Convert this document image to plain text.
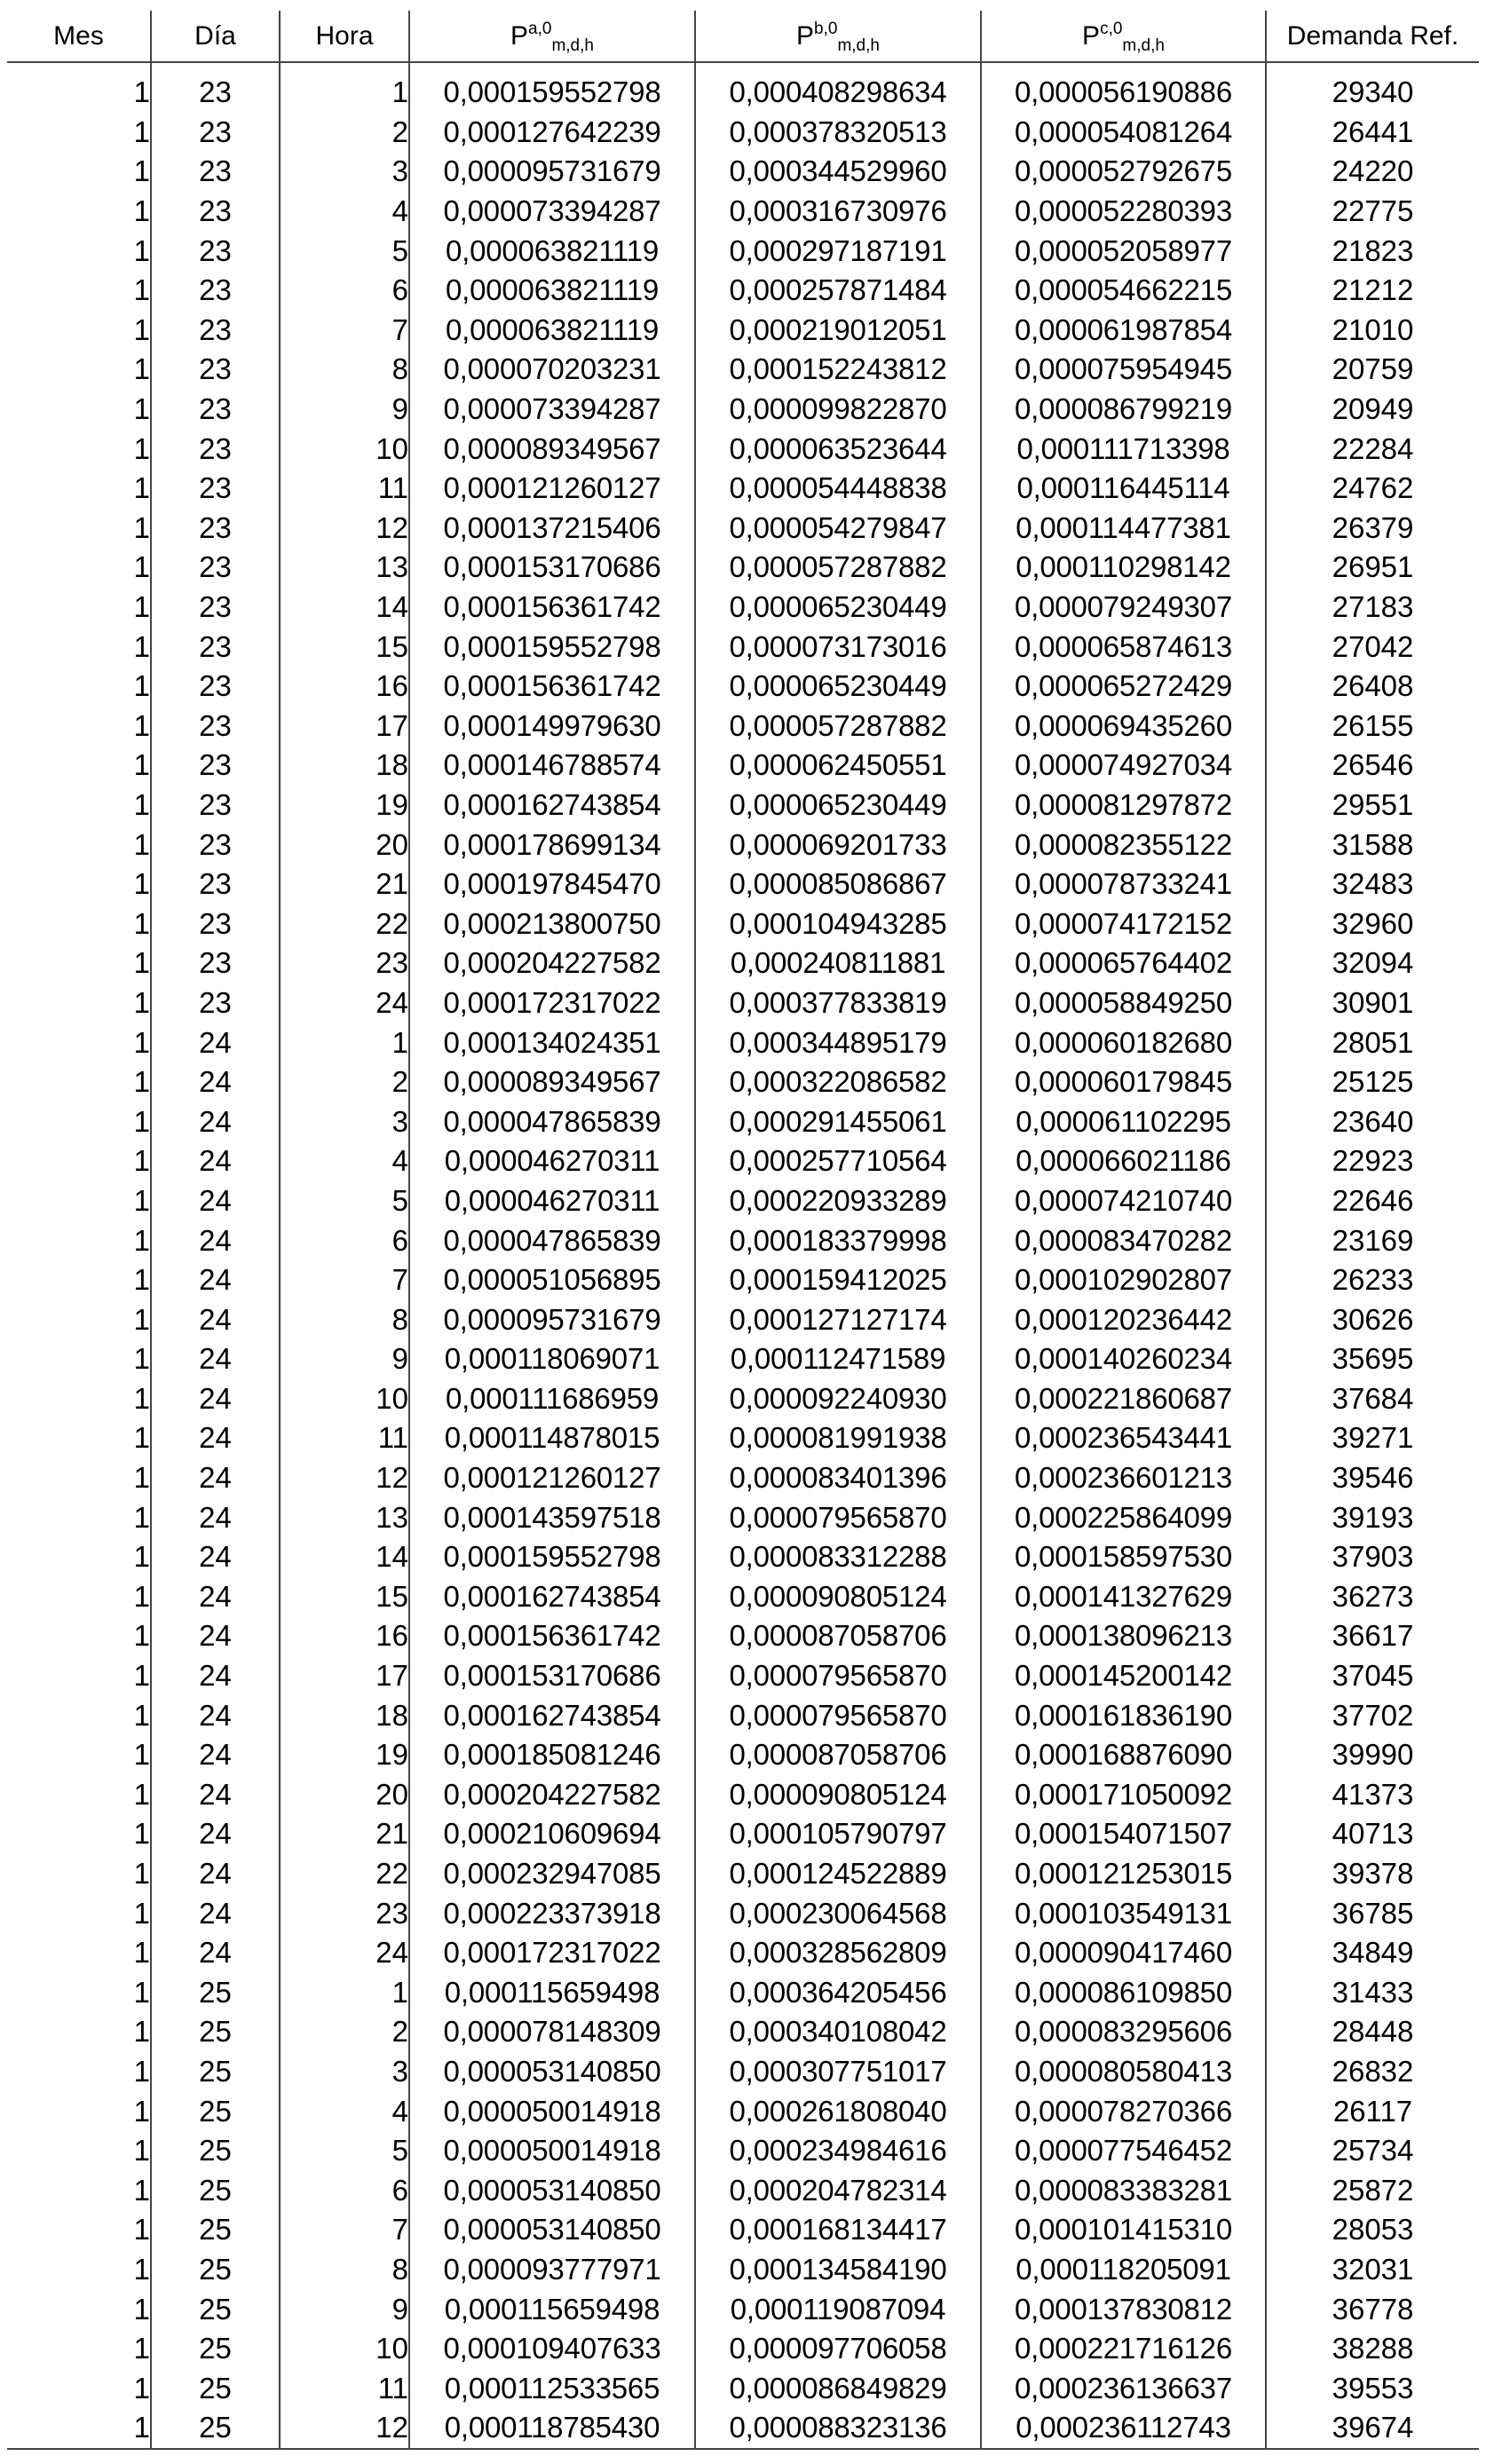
Mes	Día	Hora	P$^{a,0}_{m,d,h}$	P$^{b,0}_{m,d,h}$	P$^{c,0}_{m,d,h}$	Demanda Ref.

1	23	1	0,000159552798	0,000408298634	0,000056190886	29340
1	23	2	0,000127642239	0,000378320513	0,000054081264	26441
1	23	3	0,000095731679	0,000344529960	0,000052792675	24220
1	23	4	0,000073394287	0,000316730976	0,000052280393	22775
1	23	5	0,000063821119	0,000297187191	0,000052058977	21823
1	23	6	0,000063821119	0,000257871484	0,000054662215	21212
1	23	7	0,000063821119	0,000219012051	0,000061987854	21010
1	23	8	0,000070203231	0,000152243812	0,000075954945	20759
1	23	9	0,000073394287	0,000099822870	0,000086799219	20949
1	23	10	0,000089349567	0,000063523644	0,000111713398	22284
1	23	11	0,000121260127	0,000054448838	0,000116445114	24762
1	23	12	0,000137215406	0,000054279847	0,000114477381	26379
1	23	13	0,000153170686	0,000057287882	0,000110298142	26951
1	23	14	0,000156361742	0,000065230449	0,000079249307	27183
1	23	15	0,000159552798	0,000073173016	0,000065874613	27042
1	23	16	0,000156361742	0,000065230449	0,000065272429	26408
1	23	17	0,000149979630	0,000057287882	0,000069435260	26155
1	23	18	0,000146788574	0,000062450551	0,000074927034	26546
1	23	19	0,000162743854	0,000065230449	0,000081297872	29551
1	23	20	0,000178699134	0,000069201733	0,000082355122	31588
1	23	21	0,000197845470	0,000085086867	0,000078733241	32483
1	23	22	0,000213800750	0,000104943285	0,000074172152	32960
1	23	23	0,000204227582	0,000240811881	0,000065764402	32094
1	23	24	0,000172317022	0,000377833819	0,000058849250	30901
1	24	1	0,000134024351	0,000344895179	0,000060182680	28051
1	24	2	0,000089349567	0,000322086582	0,000060179845	25125
1	24	3	0,000047865839	0,000291455061	0,000061102295	23640
1	24	4	0,000046270311	0,000257710564	0,000066021186	22923
1	24	5	0,000046270311	0,000220933289	0,000074210740	22646
1	24	6	0,000047865839	0,000183379998	0,000083470282	23169
1	24	7	0,000051056895	0,000159412025	0,000102902807	26233
1	24	8	0,000095731679	0,000127127174	0,000120236442	30626
1	24	9	0,000118069071	0,000112471589	0,000140260234	35695
1	24	10	0,000111686959	0,000092240930	0,000221860687	37684
1	24	11	0,000114878015	0,000081991938	0,000236543441	39271
1	24	12	0,000121260127	0,000083401396	0,000236601213	39546
1	24	13	0,000143597518	0,000079565870	0,000225864099	39193
1	24	14	0,000159552798	0,000083312288	0,000158597530	37903
1	24	15	0,000162743854	0,000090805124	0,000141327629	36273
1	24	16	0,000156361742	0,000087058706	0,000138096213	36617
1	24	17	0,000153170686	0,000079565870	0,000145200142	37045
1	24	18	0,000162743854	0,000079565870	0,000161836190	37702
1	24	19	0,000185081246	0,000087058706	0,000168876090	39990
1	24	20	0,000204227582	0,000090805124	0,000171050092	41373
1	24	21	0,000210609694	0,000105790797	0,000154071507	40713
1	24	22	0,000232947085	0,000124522889	0,000121253015	39378
1	24	23	0,000223373918	0,000230064568	0,000103549131	36785
1	24	24	0,000172317022	0,000328562809	0,000090417460	34849
1	25	1	0,000115659498	0,000364205456	0,000086109850	31433
1	25	2	0,000078148309	0,000340108042	0,000083295606	28448
1	25	3	0,000053140850	0,000307751017	0,000080580413	26832
1	25	4	0,000050014918	0,000261808040	0,000078270366	26117
1	25	5	0,000050014918	0,000234984616	0,000077546452	25734
1	25	6	0,000053140850	0,000204782314	0,000083383281	25872
1	25	7	0,000053140850	0,000168134417	0,000101415310	28053
1	25	8	0,000093777971	0,000134584190	0,000118205091	32031
1	25	9	0,000115659498	0,000119087094	0,000137830812	36778
1	25	10	0,000109407633	0,000097706058	0,000221716126	38288
1	25	11	0,000112533565	0,000086849829	0,000236136637	39553
1	25	12	0,000118785430	0,000088323136	0,000236112743	39674
